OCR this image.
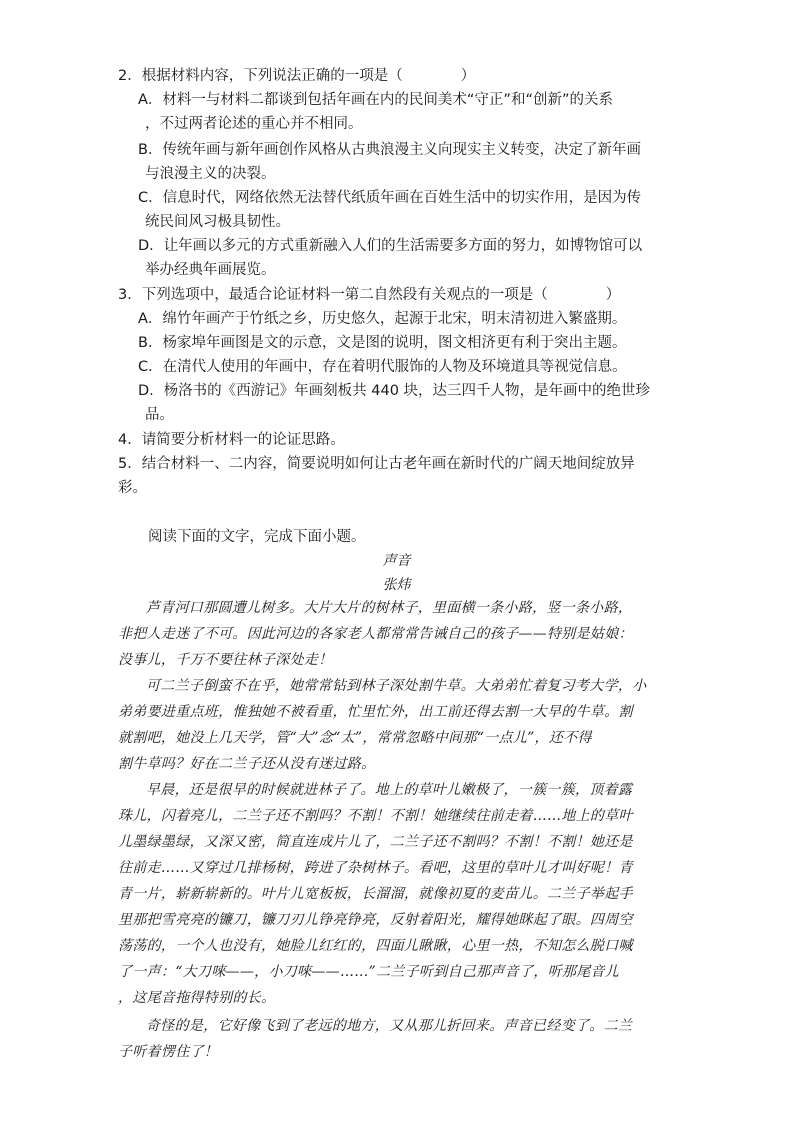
2．根据材料内容，下列说法正确的一项是（　　　　）
A．材料一与材料二都谈到包括年画在内的民间美术“守正”和“创新”的关系
，不过两者论述的重心并不相同。
B．传统年画与新年画创作风格从古典浪漫主义向现实主义转变，决定了新年画
与浪漫主义的决裂。
C．信息时代，网络依然无法替代纸质年画在百姓生活中的切实作用，是因为传
统民间风习极具韧性。
D．让年画以多元的方式重新融入人们的生活需要多方面的努力，如博物馆可以
举办经典年画展览。
3．下列选项中，最适合论证材料一第二自然段有关观点的一项是（　　　　）
A．绵竹年画产于竹纸之乡，历史悠久，起源于北宋，明末清初进入繁盛期。
B．杨家埠年画图是文的示意，文是图的说明，图文相济更有利于突出主题。
C．在清代人使用的年画中，存在着明代服饰的人物及环境道具等视觉信息。
D．杨洛书的《西游记》年画刻板共 440 块，达三四千人物，是年画中的绝世珍
品。
4．请简要分析材料一的论证思路。
5．结合材料一、二内容，简要说明如何让古老年画在新时代的广阔天地间绽放异
彩。
阅读下面的文字，完成下面小题。
声音
张炜
芦青河口那圆遭儿树多。大片大片的树林子，里面横一条小路，竖一条小路，
非把人走迷了不可。因此河边的各家老人都常常告诫自己的孩子——特别是姑娘：
没事儿，千万不要往林子深处走！
可二兰子倒蛮不在乎，她常常钻到林子深处割牛草。大弟弟忙着复习考大学，小
弟弟要进重点班，惟独她不被看重，忙里忙外，出工前还得去割一大早的牛草。割
就割吧，她没上几天学，管“大”念“太”，常常忽略中间那“一点儿”，还不得
割牛草吗？好在二兰子还从没有迷过路。
早晨，还是很早的时候就进林子了。地上的草叶儿嫩极了，一簇一簇，顶着露
珠儿，闪着亮儿，二兰子还不割吗？不割！不割！她继续往前走着……地上的草叶
儿墨绿墨绿，又深又密，简直连成片儿了，二兰子还不割吗？不割！不割！她还是
往前走……又穿过几排杨树，跨进了杂树林子。看吧，这里的草叶儿才叫好呢！青
青一片，崭新崭新的。叶片儿宽板板，长溜溜，就像初夏的麦苗儿。二兰子举起手
里那把雪亮亮的镰刀，镰刀刃儿铮亮铮亮，反射着阳光，耀得她眯起了眼。四周空
荡荡的，一个人也没有，她脸儿红红的，四面儿瞅瞅，心里一热，不知怎么脱口喊
了一声：“大刀唻——，小刀唻——……”二兰子听到自己那声音了，听那尾音儿
，这尾音拖得特别的长。
奇怪的是，它好像飞到了老远的地方，又从那儿折回来。声音已经变了。二兰
子听着愣住了！
